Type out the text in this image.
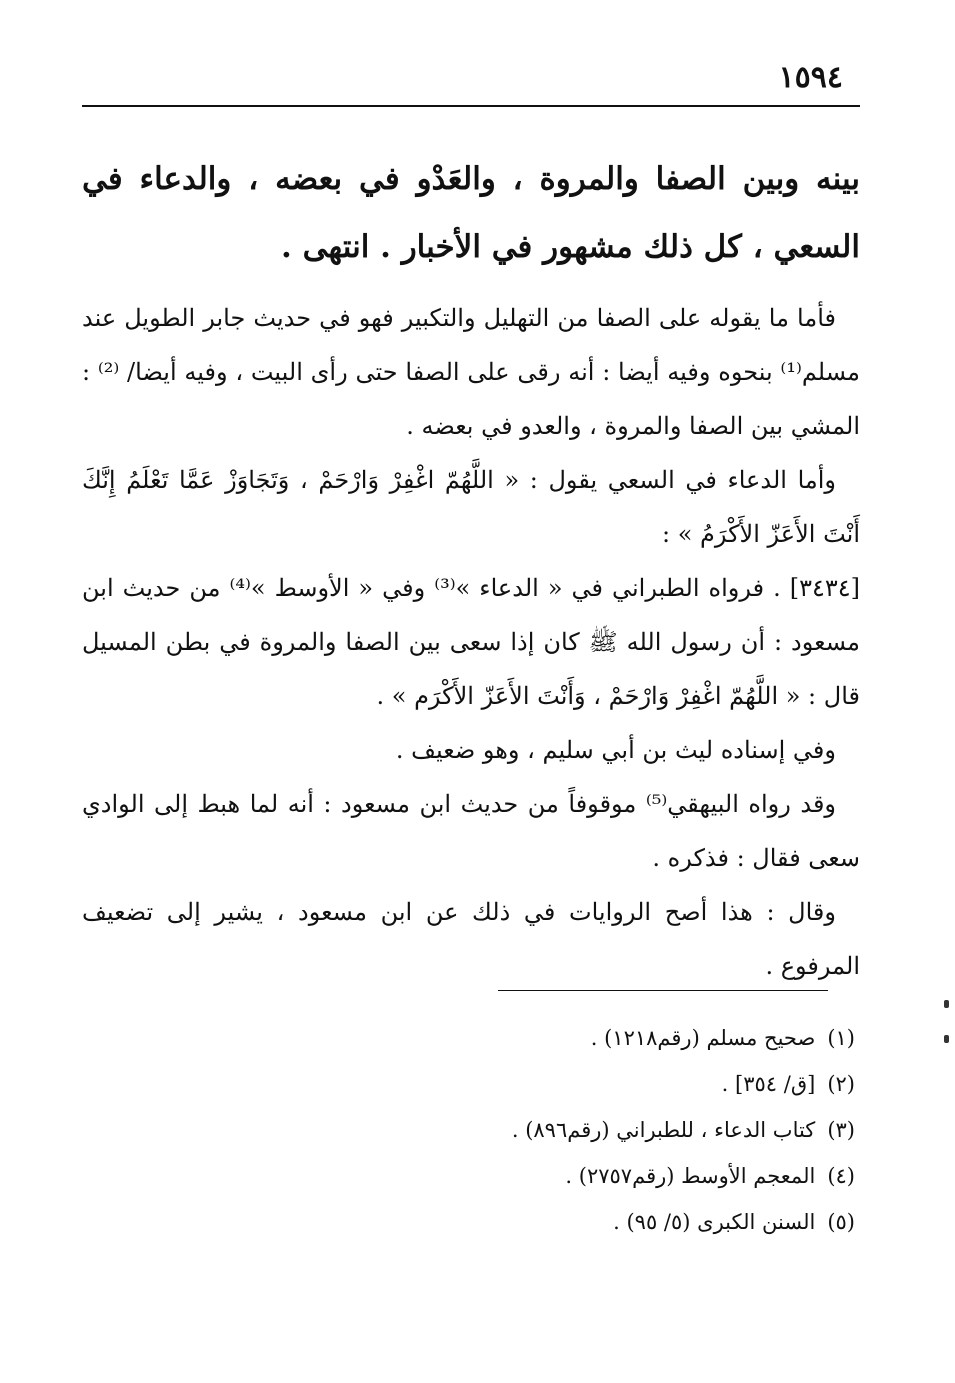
١٥٩٤

بينه وبين الصفا والمروة ، والعَدْو في بعضه ، والدعاء في السعي ، كل ذلك مشهور في الأخبار . انتهى .

فأما ما يقوله على الصفا من التهليل والتكبير فهو في حديث جابر الطويل عند مسلم⁽¹⁾ بنحوه وفيه أيضا : أنه رقى على الصفا حتى رأى البيت ، وفيه أيضا/ ⁽²⁾ : المشي بين الصفا والمروة ، والعدو في بعضه .

وأما الدعاء في السعي يقول : « اللَّهُمّ اغْفِرْ وَارْحَمْ ، وَتَجَاوَزْ عَمَّا تَعْلَمُ إِنَّكَ أَنْتَ الأَعَزّ الأَكْرَمُ » :

[٣٤٣٤] . فرواه الطبراني في « الدعاء »⁽³⁾ وفي « الأوسط »⁽⁴⁾ من حديث ابن مسعود : أن رسول الله ﷺ كان إذا سعى بين الصفا والمروة في بطن المسيل قال : « اللَّهُمّ اغْفِرْ وَارْحَمْ ، وَأَنْتَ الأَعَزّ الأَكْرَم » .

وفي إسناده ليث بن أبي سليم ، وهو ضعيف .

وقد رواه البيهقي⁽⁵⁾ موقوفاً من حديث ابن مسعود : أنه لما هبط إلى الوادي سعى فقال : فذكره .

وقال : هذا أصح الروايات في ذلك عن ابن مسعود ، يشير إلى تضعيف المرفوع .

(١)صحيح مسلم (رقم١٢١٨) .

(٢)[ق/ ٣٥٤] .

(٣)كتاب الدعاء ، للطبراني (رقم٨٩٦) .

(٤)المعجم الأوسط (رقم٢٧٥٧) .

(٥)السنن الكبرى (٥/ ٩٥) .
